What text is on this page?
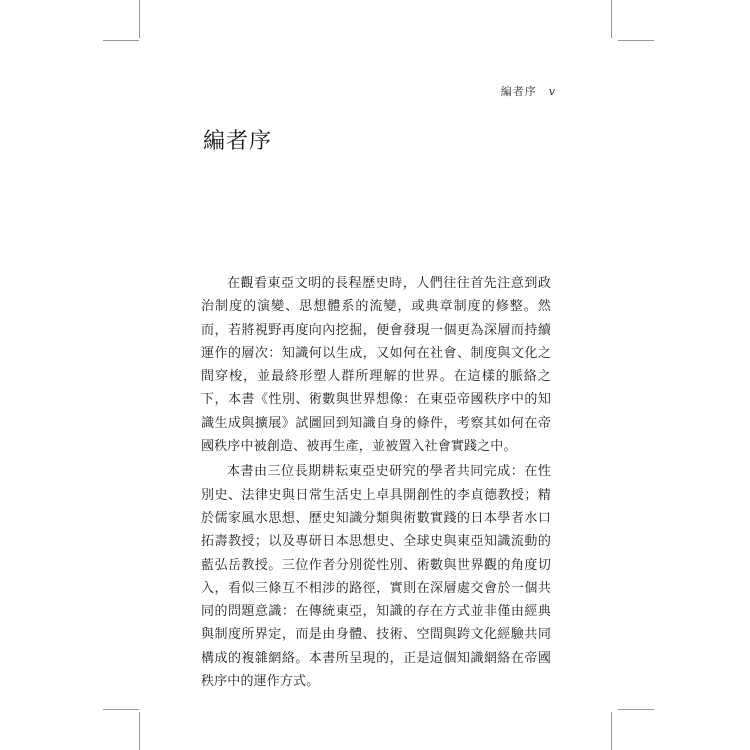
編者序 v
編者序

在觀看東亞文明的長程歷史時，人們往往首先注意到政治制度的演變、思想體系的流變，或典章制度的修整。然而，若將視野再度向內挖掘，便會發現一個更為深層而持續運作的層次：知識何以生成，又如何在社會、制度與文化之間穿梭，並最終形塑人群所理解的世界。在這樣的脈絡之下，本書《性別、術數與世界想像：在東亞帝國秩序中的知識生成與擴展》試圖回到知識自身的條件，考察其如何在帝國秩序中被創造、被再生產，並被置入社會實踐之中。

本書由三位長期耕耘東亞史研究的學者共同完成：在性別史、法律史與日常生活史上卓具開創性的李貞德教授；精於儒家風水思想、歷史知識分類與術數實踐的日本學者水口拓壽教授；以及專研日本思想史、全球史與東亞知識流動的藍弘岳教授。三位作者分別從性別、術數與世界觀的角度切入，看似三條互不相涉的路徑，實則在深層處交會於一個共同的問題意識：在傳統東亞，知識的存在方式並非僅由經典與制度所界定，而是由身體、技術、空間與跨文化經驗共同構成的複雜網絡。本書所呈現的，正是這個知識網絡在帝國秩序中的運作方式。
